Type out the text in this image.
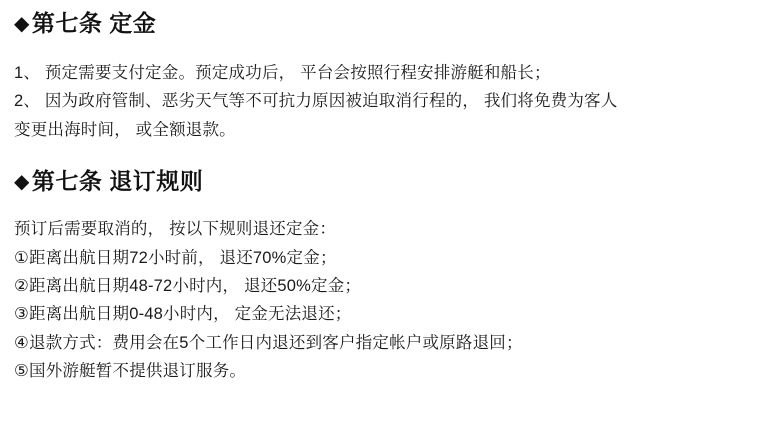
◆ 第七条 定金
1、 预定需要支付定金。预定成功后， 平台会按照行程安排游艇和船长；
2、 因为政府管制、恶劣天气等不可抗力原因被迫取消行程的， 我们将免费为客人
变更出海时间， 或全额退款。
◆ 第七条 退订规则
预订后需要取消的， 按以下规则退还定金：
①距离出航日期72小时前， 退还70%定金；
②距离出航日期48-72小时内， 退还50%定金；
③距离出航日期0-48小时内， 定金无法退还；
④退款方式：费用会在5个工作日内退还到客户指定帐户或原路退回；
⑤国外游艇暂不提供退订服务。
